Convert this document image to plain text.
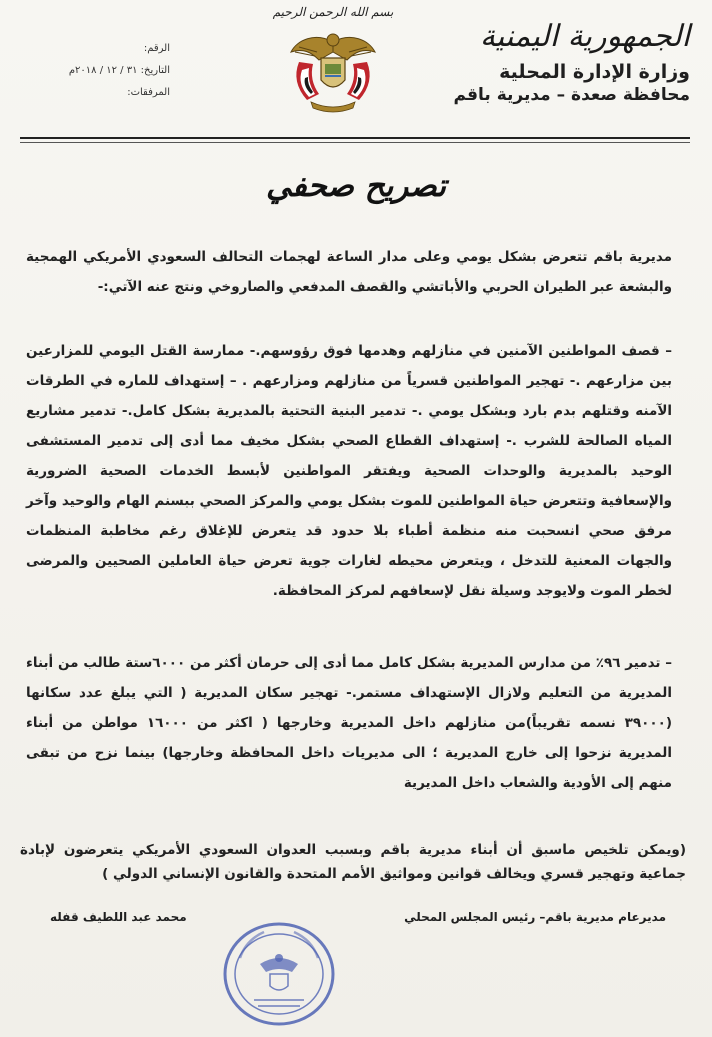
الجمهورية اليمنية

وزارة الإدارة المحلية

محافظة صعدة – مديرية باقم

بسم الله الرحمن الرحيم
الرقم:
التاريخ: ٣١ / ١٢ / ٢٠١٨م
المرفقات:
تصريح صحفي

مديرية باقم تتعرض بشكل يومي وعلى مدار الساعة لهجمات التحالف السعودي الأمريكي الهمجية والبشعة عبر الطيران الحربي والأباتشي والقصف المدفعي والصاروخي ونتج عنه الآتي:-

– قصف المواطنين الآمنين في منازلهم وهدمها فوق رؤوسهم.- ممارسة القتل اليومي للمزارعين بين مزارعهم .- تهجير المواطنين قسرياً من منازلهم ومزارعهم . – إستهداف للماره في الطرقات الآمنه وقتلهم بدم بارد وبشكل يومي .- تدمير البنية التحتية بالمديرية بشكل كامل.- تدمير مشاريع المياه الصالحة للشرب .- إستهداف القطاع الصحي بشكل مخيف مما أدى إلى تدمير المستشفى الوحيد بالمديرية والوحدات الصحية ويفتقر المواطنين لأبسط الخدمات الصحية الضرورية والإسعافية وتتعرض حياة المواطنين للموت بشكل يومي والمركز الصحي ببسنم الهام والوحيد وآخر مرفق صحي انسحبت منه منظمة أطباء بلا حدود قد يتعرض للإغلاق رغم مخاطبة المنظمات والجهات المعنية للتدخل ، ويتعرض محيطه لغارات جوية تعرض حياة العاملين الصحيين والمرضى لخطر الموت ولايوجد وسيلة نقل لإسعافهم لمركز المحافظة.

– تدمير ٩٦٪ من مدارس المديرية بشكل كامل مما أدى إلى حرمان أكثر من ٦٠٠٠ستة طالب من أبناء المديرية من التعليم ولازال الإستهداف مستمر.- تهجير سكان المديرية ( التي يبلغ عدد سكانها (٣٩٠٠٠ نسمه تقريباً)من منازلهم داخل المديرية وخارجها ( اكثر من ١٦٠٠٠ مواطن من أبناء المديرية نزحوا إلى خارج المديرية ؛ الى مديريات داخل المحافظة وخارجها) بينما نزح من تبقى منهم إلى الأودية والشعاب داخل المديرية

(ويمكن تلخيص ماسبق أن أبناء مديرية باقم وبسبب العدوان السعودي الأمريكي يتعرضون لإبادة جماعية وتهجير قسري ويخالف قوانين ومواثيق الأمم المتحدة والقانون الإنساني الدولي )

مديرعام مديرية باقم– رئيس المجلس المحلي
محمد عبد اللطيف قفله
